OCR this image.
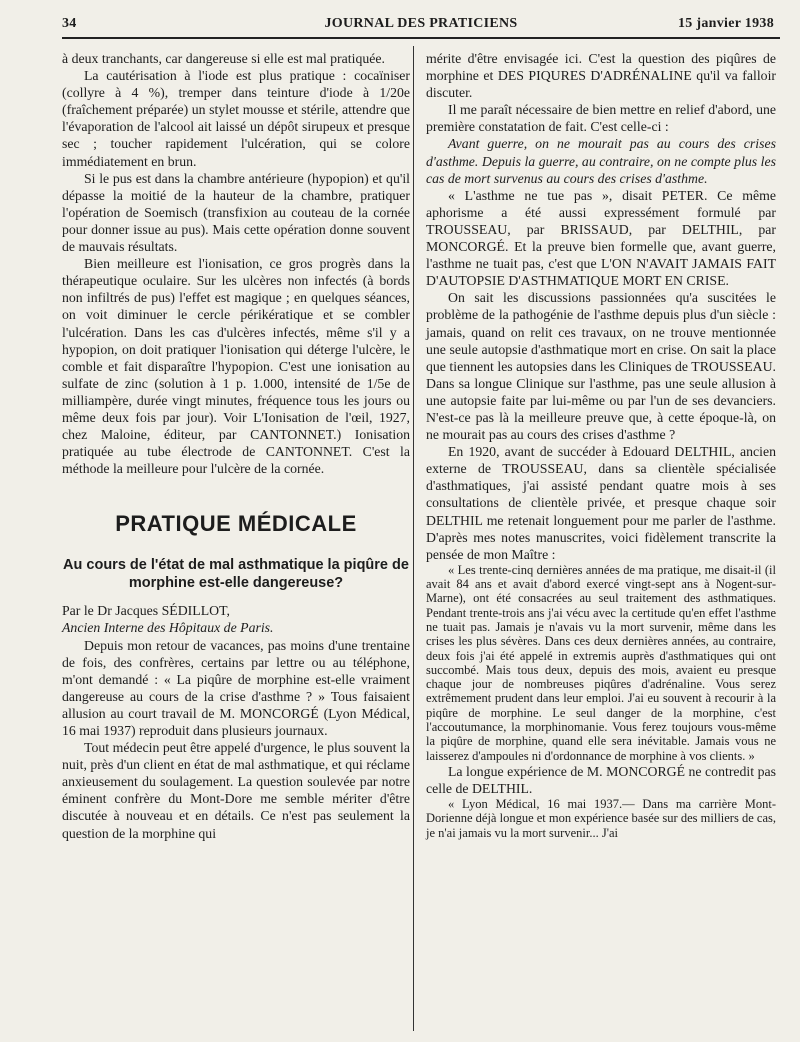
34	JOURNAL DES PRATICIENS	15 janvier 1938

à deux tranchants, car dangereuse si elle est mal pratiquée.

La cautérisation à l'iode est plus pratique : cocaïniser (collyre à 4 %), tremper dans teinture d'iode à 1/20e (fraîchement préparée) un stylet mousse et stérile, attendre que l'évaporation de l'alcool ait laissé un dépôt sirupeux et presque sec ; toucher rapidement l'ulcération, qui se colore immédiatement en brun.

Si le pus est dans la chambre antérieure (hypopion) et qu'il dépasse la moitié de la hauteur de la chambre, pratiquer l'opération de Soemisch (transfixion au couteau de la cornée pour donner issue au pus). Mais cette opération donne souvent de mauvais résultats.

Bien meilleure est l'ionisation, ce gros progrès dans la thérapeutique oculaire. Sur les ulcères non infectés (à bords non infiltrés de pus) l'effet est magique ; en quelques séances, on voit diminuer le cercle périkératique et se combler l'ulcération. Dans les cas d'ulcères infectés, même s'il y a hypopion, on doit pratiquer l'ionisation qui déterge l'ulcère, le comble et fait disparaître l'hypopion. C'est une ionisation au sulfate de zinc (solution à 1 p. 1.000, intensité de 1/5e de milliampère, durée vingt minutes, fréquence tous les jours ou même deux fois par jour). Voir L'Ionisation de l'œil, 1927, chez Maloine, éditeur, par CANTONNET.) Ionisation pratiquée au tube électrode de CANTONNET. C'est la méthode la meilleure pour l'ulcère de la cornée.

PRATIQUE MÉDICALE
Au cours de l'état de mal asthmatique la piqûre de morphine est-elle dangereuse?

Par le Dr Jacques SÉDILLOT,

Ancien Interne des Hôpitaux de Paris.

Depuis mon retour de vacances, pas moins d'une trentaine de fois, des confrères, certains par lettre ou au téléphone, m'ont demandé : « La piqûre de morphine est-elle vraiment dangereuse au cours de la crise d'asthme ? » Tous faisaient allusion au court travail de M. MONCORGÉ (Lyon Médical, 16 mai 1937) reproduit dans plusieurs journaux.

Tout médecin peut être appelé d'urgence, le plus souvent la nuit, près d'un client en état de mal asthmatique, et qui réclame anxieusement du soulagement. La question soulevée par notre éminent confrère du Mont-Dore me semble mériter d'être discutée à nouveau et en détails. Ce n'est pas seulement la question de la morphine qui

mérite d'être envisagée ici. C'est la question des piqûres de morphine et DES PIQURES D'ADRÉNALINE qu'il va falloir discuter.

Il me paraît nécessaire de bien mettre en relief d'abord, une première constatation de fait. C'est celle-ci :

Avant guerre, on ne mourait pas au cours des crises d'asthme. Depuis la guerre, au contraire, on ne compte plus les cas de mort survenus au cours des crises d'asthme.

« L'asthme ne tue pas », disait PETER. Ce même aphorisme a été aussi expressément formulé par TROUSSEAU, par BRISSAUD, par DELTHIL, par MONCORGÉ. Et la preuve bien formelle que, avant guerre, l'asthme ne tuait pas, c'est que L'ON N'AVAIT JAMAIS FAIT D'AUTOPSIE D'ASTHMATIQUE MORT EN CRISE.

On sait les discussions passionnées qu'a suscitées le problème de la pathogénie de l'asthme depuis plus d'un siècle : jamais, quand on relit ces travaux, on ne trouve mentionnée une seule autopsie d'asthmatique mort en crise. On sait la place que tiennent les autopsies dans les Cliniques de TROUSSEAU. Dans sa longue Clinique sur l'asthme, pas une seule allusion à une autopsie faite par lui-même ou par l'un de ses devanciers. N'est-ce pas là la meilleure preuve que, à cette époque-là, on ne mourait pas au cours des crises d'asthme ?

En 1920, avant de succéder à Edouard DELTHIL, ancien externe de TROUSSEAU, dans sa clientèle spécialisée d'asthmatiques, j'ai assisté pendant quatre mois à ses consultations de clientèle privée, et presque chaque soir DELTHIL me retenait longuement pour me parler de l'asthme. D'après mes notes manuscrites, voici fidèlement transcrite la pensée de mon Maître :

« Les trente-cinq dernières années de ma pratique, me disait-il (il avait 84 ans et avait d'abord exercé vingt-sept ans à Nogent-sur-Marne), ont été consacrées au seul traitement des asthmatiques. Pendant trente-trois ans j'ai vécu avec la certitude qu'en effet l'asthme ne tuait pas. Jamais je n'avais vu la mort survenir, même dans les crises les plus sévères. Dans ces deux dernières années, au contraire, deux fois j'ai été appelé in extremis auprès d'asthmatiques qui ont succombé. Mais tous deux, depuis des mois, avaient eu presque chaque jour de nombreuses piqûres d'adrénaline. Vous serez extrêmement prudent dans leur emploi. J'ai eu souvent à recourir à la piqûre de morphine. Le seul danger de la morphine, c'est l'accoutumance, la morphinomanie. Vous ferez toujours vous-même la piqûre de morphine, quand elle sera inévitable. Jamais vous ne laisserez d'ampoules ni d'ordonnance de morphine à vos clients. »

La longue expérience de M. MONCORGÉ ne contredit pas celle de DELTHIL.

« Lyon Médical, 16 mai 1937.— Dans ma carrière Mont-Dorienne déjà longue et mon expérience basée sur des milliers de cas, je n'ai jamais vu la mort survenir... J'ai
